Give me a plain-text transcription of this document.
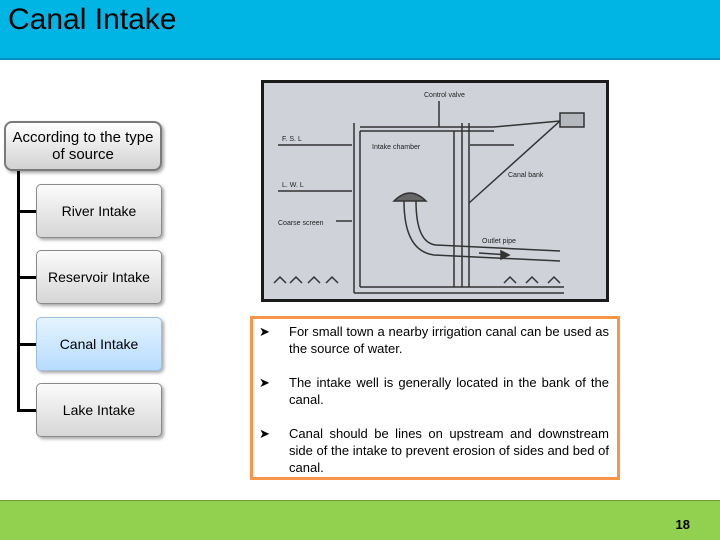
Canal Intake
According to the type of source
River Intake
Reservoir Intake
Canal Intake
Lake Intake
Control valve
F. S. L
L. W. L
Intake chamber
Canal bank
Coarse screen
Outlet pipe
➤	For small town a nearby irrigation canal can be used as the source of water.
➤	The intake well is generally located in the bank of the canal.
➤	Canal should be lines on upstream and downstream side of the intake to prevent erosion of sides and bed of canal.
18
